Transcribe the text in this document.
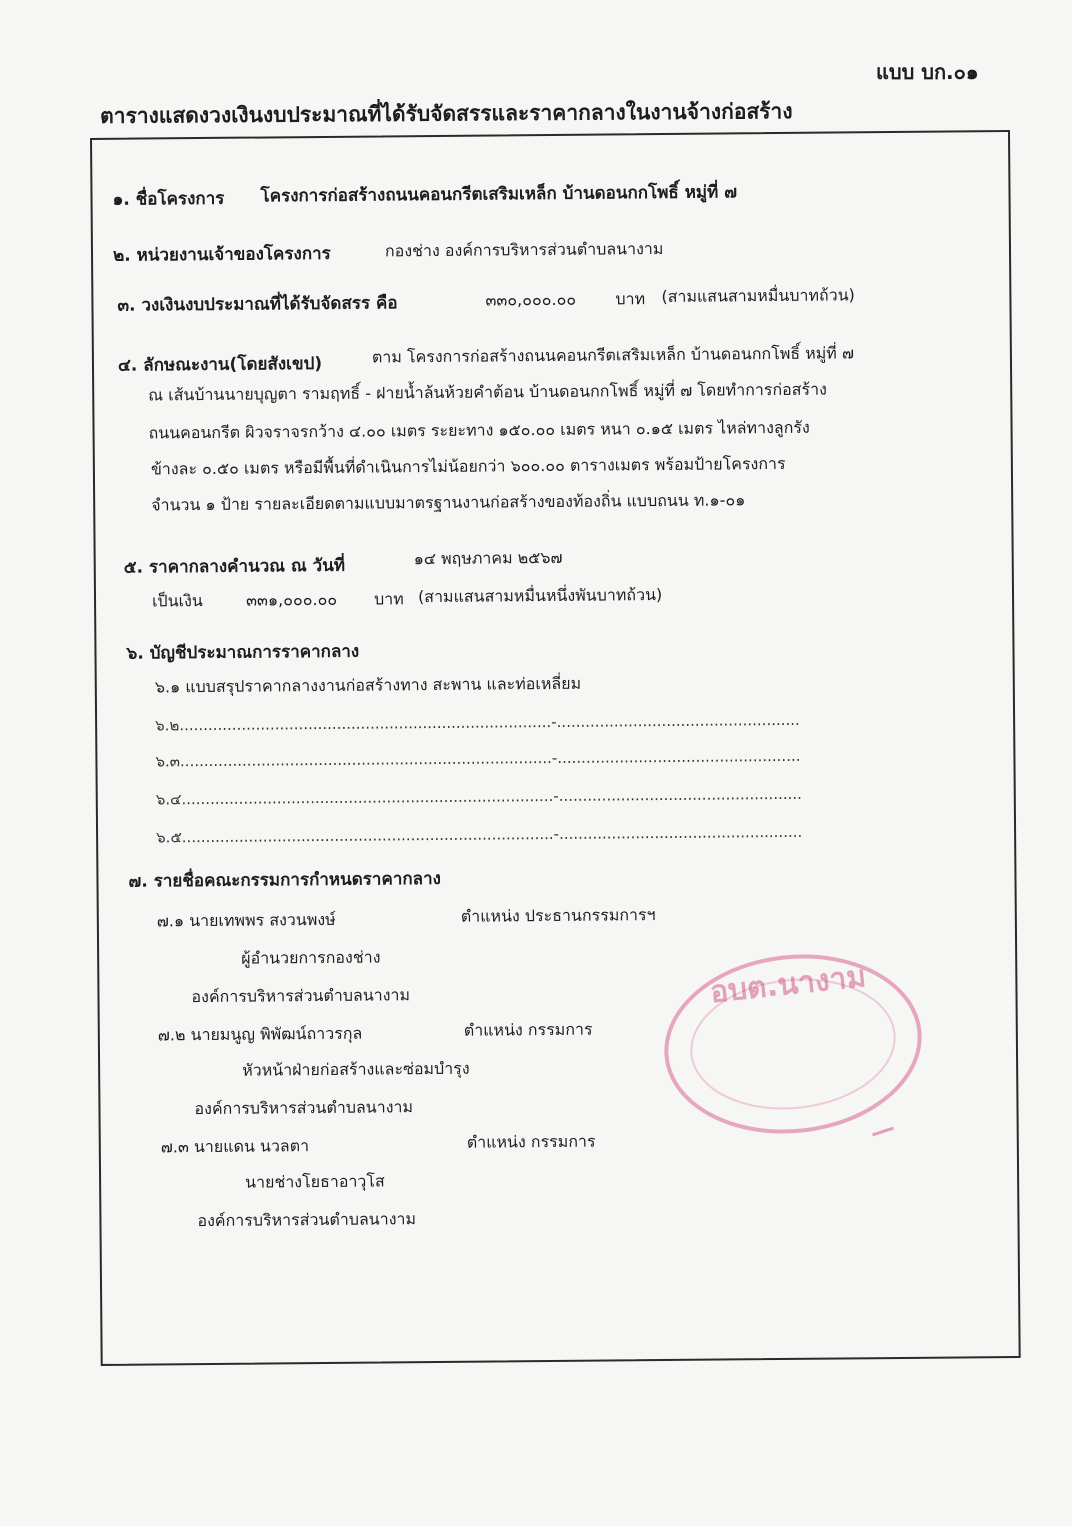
แบบ บก.๐๑
ตารางแสดงวงเงินงบประมาณที่ได้รับจัดสรรและราคากลางในงานจ้างก่อสร้าง
๑. ชื่อโครงการ โครงการก่อสร้างถนนคอนกรีตเสริมเหล็ก บ้านดอนกกโพธิ์ หมู่ที่ ๗
๒. หน่วยงานเจ้าของโครงการ	กองช่าง องค์การบริหารส่วนตำบลนางาม
๓. วงเงินงบประมาณที่ได้รับจัดสรร คือ	๓๓๐,๐๐๐.๐๐ บาท (สามแสนสามหมื่นบาทถ้วน)
๔. ลักษณะงาน(โดยสังเขป)	ตาม โครงการก่อสร้างถนนคอนกรีตเสริมเหล็ก บ้านดอนกกโพธิ์ หมู่ที่ ๗
ณ เส้นบ้านนายบุญตา รามฤทธิ์ - ฝายน้ำล้นห้วยคำต้อน บ้านดอนกกโพธิ์ หมู่ที่ ๗ โดยทำการก่อสร้าง
ถนนคอนกรีต ผิวจราจรกว้าง ๔.๐๐ เมตร ระยะทาง ๑๕๐.๐๐ เมตร หนา ๐.๑๕ เมตร ไหล่ทางลูกรัง
ข้างละ ๐.๕๐ เมตร หรือมีพื้นที่ดำเนินการไม่น้อยกว่า ๖๐๐.๐๐ ตารางเมตร พร้อมป้ายโครงการ
จำนวน ๑ ป้าย รายละเอียดตามแบบมาตรฐานงานก่อสร้างของท้องถิ่น แบบถนน ท.๑-๐๑
๕. ราคากลางคำนวณ ณ วันที่	๑๔ พฤษภาคม ๒๕๖๗
เป็นเงิน	๓๓๑,๐๐๐.๐๐ บาท (สามแสนสามหมื่นหนึ่งพันบาทถ้วน)
๖. บัญชีประมาณการราคากลาง
๖.๑ แบบสรุปราคากลางงานก่อสร้างทาง สะพาน และท่อเหลี่ยม
๖.๒..............................................................................-...................................................
๖.๓..............................................................................-...................................................
๖.๔..............................................................................-...................................................
๖.๕..............................................................................-...................................................
๗. รายชื่อคณะกรรมการกำหนดราคากลาง
๗.๑ นายเทพพร สงวนพงษ์	ตำแหน่ง ประธานกรรมการฯ
ผู้อำนวยการกองช่าง
องค์การบริหารส่วนตำบลนางาม
๗.๒ นายมนูญ พิพัฒน์ถาวรกุล	ตำแหน่ง กรรมการ
หัวหน้าฝ่ายก่อสร้างและซ่อมบำรุง
องค์การบริหารส่วนตำบลนางาม
๗.๓ นายแดน นวลตา	ตำแหน่ง กรรมการ
นายช่างโยธาอาวุโส
องค์การบริหารส่วนตำบลนางาม
อบต.นางาม
